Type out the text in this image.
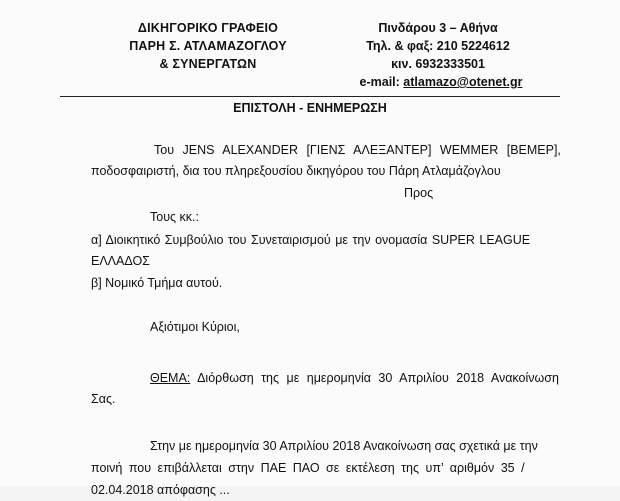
ΔΙΚΗΓΟΡΙΚΟ ΓΡΑΦΕΙΟ
ΠΑΡΗ Σ. ΑΤΛΑΜΑΖΟΓΛΟΥ
& ΣΥΝΕΡΓΑΤΩΝ
Πινδάρου 3 – Αθήνα
Τηλ. & φαξ: 210 5224612
κιν. 6932333501
e-mail: atlamazo@otenet.gr
ΕΠΙΣΤΟΛΗ - ΕΝΗΜΕΡΩΣΗ
Του JENS ALEXANDER [ΓΙΕΝΣ ΑΛΕΞΑΝΤΕΡ] WEMMER [ΒΕΜΕΡ],
ποδοσφαιριστή, δια του πληρεξουσίου δικηγόρου του Πάρη Ατλαμάζογλου
Προς
Τους κκ.:
α] Διοικητικό Συμβούλιο του Συνεταιρισμού με την ονομασία SUPER LEAGUE
ΕΛΛΑΔΟΣ
β] Νομικό Τμήμα αυτού.
Αξιότιμοι Κύριοι,
ΘΕΜΑ: Διόρθωση της με ημερομηνία 30 Απριλίου 2018 Ανακοίνωση
Σας.
Στην με ημερομηνία 30 Απριλίου 2018 Ανακοίνωση σας σχετικά με την
ποινή που επιβάλλεται στην ΠΑΕ ΠΑΟ σε εκτέλεση της υπ’ αριθμόν 35 /
02.04.2018 απόφασης ...
